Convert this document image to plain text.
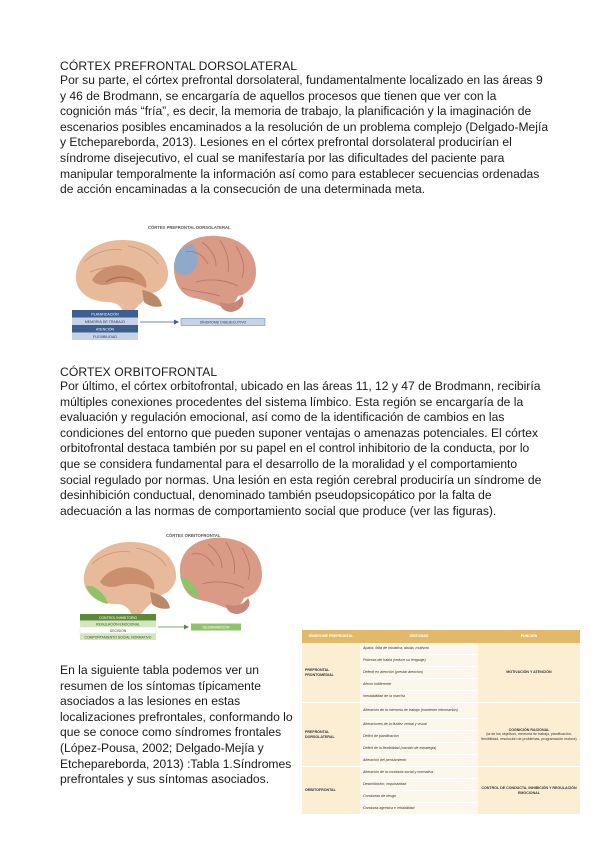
CÓRTEX PREFRONTAL DORSOLATERAL
Por su parte, el córtex prefrontal dorsolateral, fundamentalmente localizado en las áreas 9 y 46 de Brodmann, se encargaría de aquellos procesos que tienen que ver con la cognición más “fría”, es decir, la memoria de trabajo, la planificación y la imaginación de escenarios posibles encaminados a la resolución de un problema complejo (Delgado-Mejía y Etcheparebordа, 2013). Lesiones en el córtex prefrontal dorsolateral producirían el síndrome disejecutivo, el cual se manifestaría por las dificultades del paciente para manipular temporalmente la información así como para establecer secuencias ordenadas de acción encaminadas a la consecución de una determinada meta.
CÓRTEX PREFRONTAL DORSOLATERAL
PLANIFICACIÓN
MEMORIA DE TRABAJO
ATENCIÓN
FLEXIBILIDAD
SÍNDROME DISEJECUTIVO
CÓRTEX ORBITOFRONTAL
Por último, el córtex orbitofrontal, ubicado en las áreas 11, 12 y 47 de Brodmann, recibiría múltiples conexiones procedentes del sistema límbico. Esta región se encargaría de la evaluación y regulación emocional, así como de la identificación de cambios en las condiciones del entorno que pueden suponer ventajas o amenazas potenciales. El córtex orbitofrontal destaca también por su papel en el control inhibitorio de la conducta, por lo que se considera fundamental para el desarrollo de la moralidad y el comportamiento social regulado por normas. Una lesión en esta región cerebral produciría un síndrome de desinhibición conductual, denominado también pseudopsicopático por la falta de adecuación a las normas de comportamiento social que produce (ver las figuras).
CÓRTEX ORBITOFRONTAL
CONTROL INHIBITORIO
REGULACIÓN EMOCIONAL
DECISIÓN
COMPORTAMIENTO SOCIAL NORMATIVO
DESINHIBICIÓN
En la siguiente tabla podemos ver un resumen de los síntomas típicamente asociados a las lesiones en estas localizaciones prefrontales, conformando lo que se conoce como síndromes frontales (López-Pousa, 2002; Delgado-Mejía y Etcheparebordа, 2013) :Tabla 1.Síndromes prefrontales y sus síntomas asociados.
SÍNDROME PREFRONTAL	SÍNTOMAS	FUNCIÓN
PREFRONTAL FRONTOMEDIAL	Apatía, falta de iniciativa, abulia, mutismo	MOTIVACIÓN Y ATENCIÓN
	Pobreza del habla (reduce su lenguaje)	
	Défecit en atención (prestar atención)	
	Afecto indiferente	
	Inestabilidad de la marcha	
PREFRONTAL DORSOLATERAL	Alteración de la memoria de trabajo (mantener información)	COGNICIÓN RACIONAL
(la de los objetivos, memoria de trabajo, planificación, flexibilidad, resolución de problemas, programación motora)

	Alteraciones de la fluidez verbal y visual	
	Déficit de planificación	
	Déficit de la flexibilidad (cambio de estrategia)	
	Alteración del pensamiento	
ORBITOFRONTAL	Alteración de la conducta social y normativa	CONTROL DE CONDUCTA, INHIBICIÓN Y REGULACIÓN EMOCIONAL
	Desinhibición, impulsividad	
	Conductas de riesgo	
	Conducta agresiva e irritabilidad	
